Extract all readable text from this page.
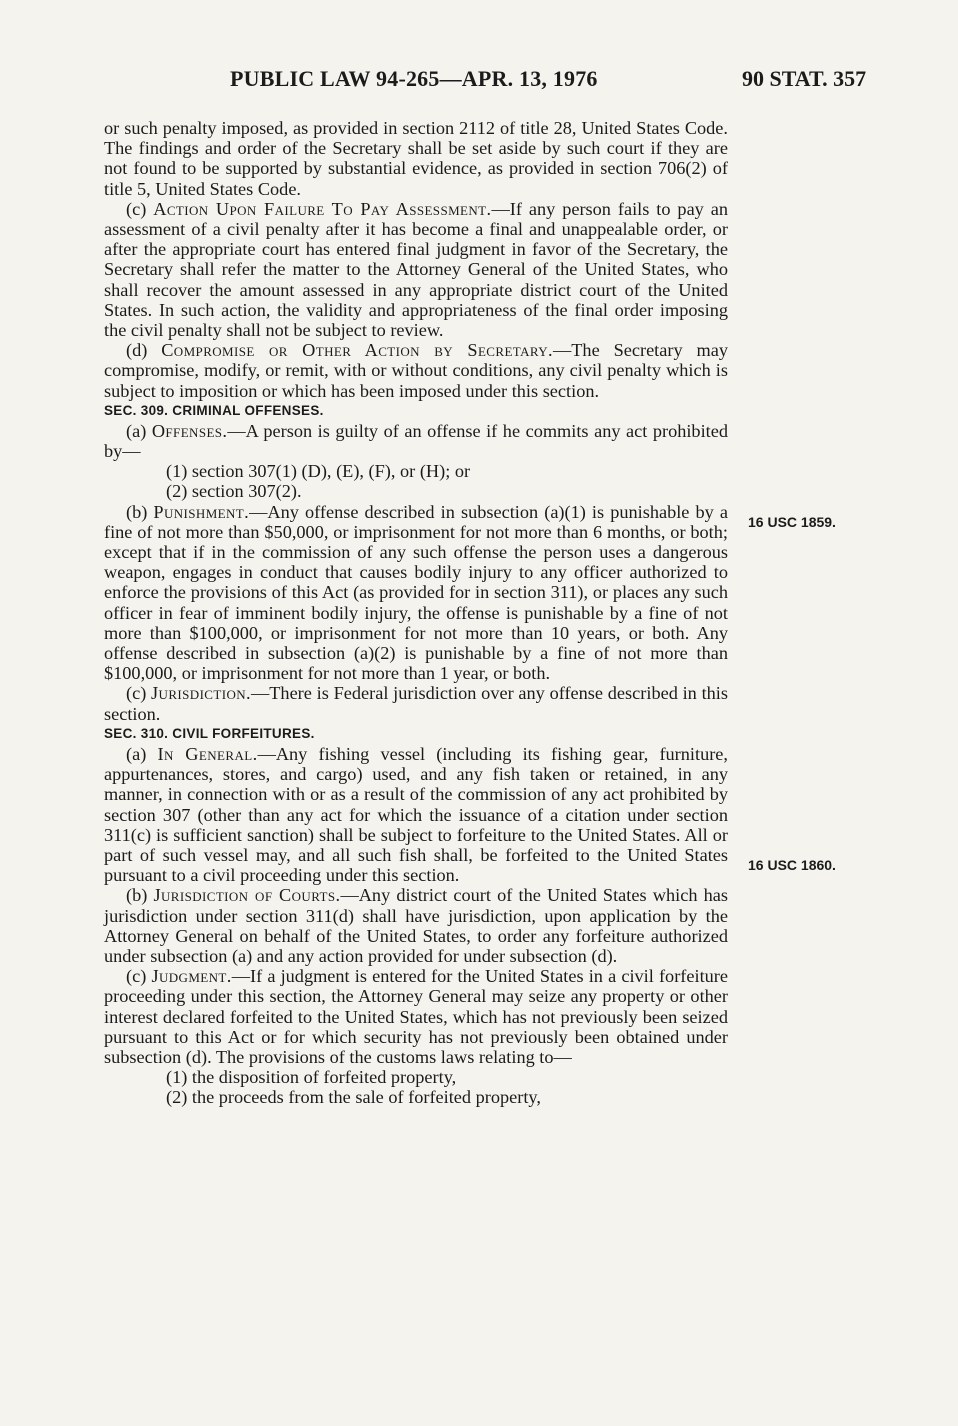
PUBLIC LAW 94-265—APR. 13, 1976	90 STAT. 357

or such penalty imposed, as provided in section 2112 of title 28, United States Code. The findings and order of the Secretary shall be set aside by such court if they are not found to be supported by substantial evidence, as provided in section 706(2) of title 5, United States Code.

(c) Action Upon Failure To Pay Assessment.—If any person fails to pay an assessment of a civil penalty after it has become a final and unappealable order, or after the appropriate court has entered final judgment in favor of the Secretary, the Secretary shall refer the matter to the Attorney General of the United States, who shall recover the amount assessed in any appropriate district court of the United States. In such action, the validity and appropriateness of the final order imposing the civil penalty shall not be subject to review.

(d) Compromise or Other Action by Secretary.—The Secretary may compromise, modify, or remit, with or without conditions, any civil penalty which is subject to imposition or which has been imposed under this section.

SEC. 309. CRIMINAL OFFENSES.

(a) Offenses.—A person is guilty of an offense if he commits any act prohibited by—

(1) section 307(1) (D), (E), (F), or (H); or

(2) section 307(2).

(b) Punishment.—Any offense described in subsection (a)(1) is punishable by a fine of not more than $50,000, or imprisonment for not more than 6 months, or both; except that if in the commission of any such offense the person uses a dangerous weapon, engages in conduct that causes bodily injury to any officer authorized to enforce the provisions of this Act (as provided for in section 311), or places any such officer in fear of imminent bodily injury, the offense is punishable by a fine of not more than $100,000, or imprisonment for not more than 10 years, or both. Any offense described in subsection (a)(2) is punishable by a fine of not more than $100,000, or imprisonment for not more than 1 year, or both.

(c) Jurisdiction.—There is Federal jurisdiction over any offense described in this section.

SEC. 310. CIVIL FORFEITURES.

(a) In General.—Any fishing vessel (including its fishing gear, furniture, appurtenances, stores, and cargo) used, and any fish taken or retained, in any manner, in connection with or as a result of the commission of any act prohibited by section 307 (other than any act for which the issuance of a citation under section 311(c) is sufficient sanction) shall be subject to forfeiture to the United States. All or part of such vessel may, and all such fish shall, be forfeited to the United States pursuant to a civil proceeding under this section.

(b) Jurisdiction of Courts.—Any district court of the United States which has jurisdiction under section 311(d) shall have jurisdiction, upon application by the Attorney General on behalf of the United States, to order any forfeiture authorized under subsection (a) and any action provided for under subsection (d).

(c) Judgment.—If a judgment is entered for the United States in a civil forfeiture proceeding under this section, the Attorney General may seize any property or other interest declared forfeited to the United States, which has not previously been seized pursuant to this Act or for which security has not previously been obtained under subsection (d). The provisions of the customs laws relating to—

(1) the disposition of forfeited property,

(2) the proceeds from the sale of forfeited property,

16 USC 1859.
16 USC 1860.
